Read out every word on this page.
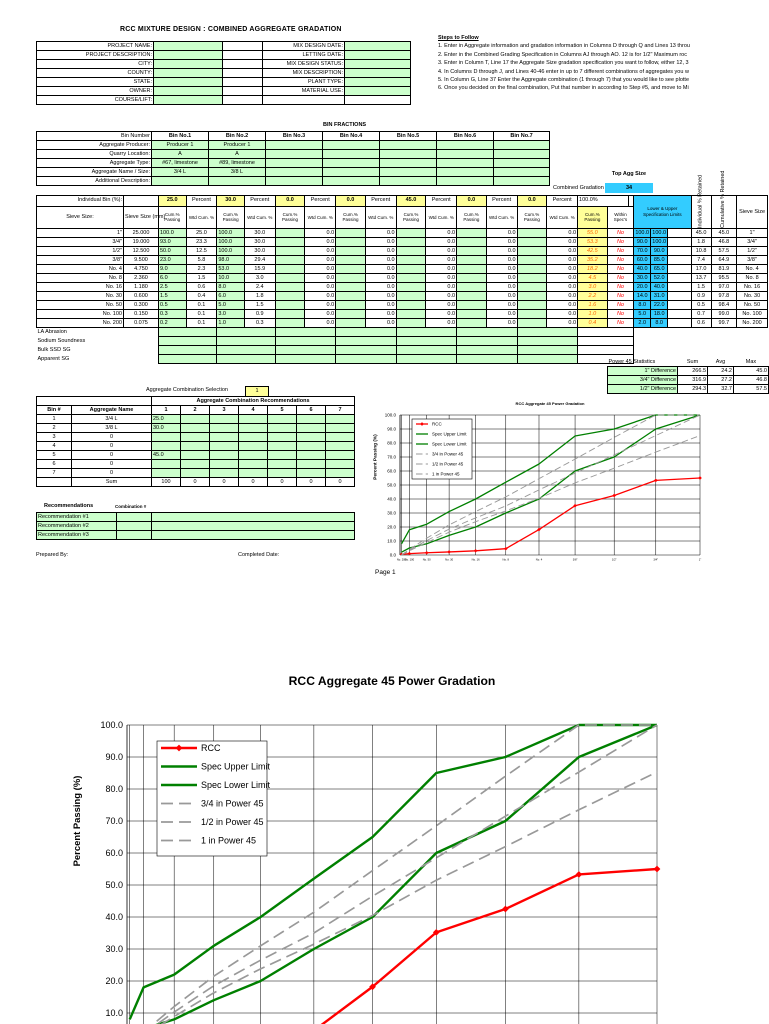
RCC MIXTURE DESIGN : COMBINED AGGREGATE GRADATION
PROJECT NAME:			MIX DESIGN DATE:	
PROJECT DESCRIPTION:			LETTING DATE:	
CITY:			MIX DESIGN STATUS:	
COUNTY:			MIX DESCRIPTION:	
STATE:			PLANT TYPE:	
OWNER:			MATERIAL USE:	
COURSE/LIFT:				
Steps to Follow
1. Enter in Aggregate information and gradation information in Columns D through Q and Lines 13 throu
2. Enter in the Combined Grading Specification in Columns AJ through AO. 12 is for 1/2" Maximum roc
3. Enter in Column T, Line 17 the Aggregate Size gradation specification you want to follow, either 12, 3
4. In Columns D through J, and Lines 40-46 enter in up to 7 different combinations of aggregates you w
5. In Column G, Line 37 Enter the Aggregate combination (1 through 7) that you would like to see plotte
6. Once you decided on the final combination, Put that number in according to Step #5, and move to Mi
BIN FRACTIONS
Bin Number	Bin No.1	Bin No.2	Bin No.3	Bin No.4	Bin No.5	Bin No.6	Bin No.7
Aggregate Producer:	Producer 1	Producer 1					
Quarry Location:	A	A					
Aggregate Type:	#67, limestone	#89, limestone					
Aggregate Name / Size:	3/4 L	3/8 L					
Additional Description:							
Combined Gradation
Top Agg Size
34
Individual Bin (%):		25.0	Percent	30.0	Percent	0.0	Percent	0.0	Percent	45.0	Percent	0.0	Percent	0.0	Percent	100.0%			Lower & Upper Specification Limits			Individual % Retained	Cumulative % Retained	Sieve Size
Sieve Size:	Sieve Size (mm)	Cum.% Passing	Wtd Cum. %	Cum.% Passing	Wtd Cum. %	Cum.% Passing	Wtd Cum. %	Cum.% Passing	Wtd Cum. %	Cum.% Passing	Wtd Cum. %	Cum.% Passing	Wtd Cum. %	Cum.% Passing	Wtd Cum. %	Cum.% Passing	Within Spec's							
1"	25.000	100.0	25.0	100.0	30.0		0.0		0.0		0.0		0.0		0.0	55.0	No		100.0	100.0		45.0	45.0	1"
3/4"	19.000	93.0	23.3	100.0	30.0		0.0		0.0		0.0		0.0		0.0	53.3	No		90.0	100.0		1.8	46.8	3/4"
1/2"	12.500	50.0	12.5	100.0	30.0		0.0		0.0		0.0		0.0		0.0	42.5	No		70.0	90.0		10.8	57.5	1/2"
3/8"	9.500	23.0	5.8	98.0	29.4		0.0		0.0		0.0		0.0		0.0	35.2	No		60.0	85.0		7.4	64.9	3/8"
No. 4	4.750	9.0	2.3	53.0	15.9		0.0		0.0		0.0		0.0		0.0	18.2	No		40.0	65.0		17.0	81.9	No. 4
No. 8	2.360	6.0	1.5	10.0	3.0		0.0		0.0		0.0		0.0		0.0	4.5	No		30.0	52.0		13.7	95.5	No. 8
No. 16	1.180	2.5	0.6	8.0	2.4		0.0		0.0		0.0		0.0		0.0	3.0	No		20.0	40.0		1.5	97.0	No. 16
No. 30	0.600	1.5	0.4	6.0	1.8		0.0		0.0		0.0		0.0		0.0	2.2	No		14.0	31.0		0.9	97.8	No. 30
No. 50	0.300	0.5	0.1	5.0	1.5		0.0		0.0		0.0		0.0		0.0	1.6	No		8.0	22.0		0.5	98.4	No. 50
No. 100	0.150	0.3	0.1	3.0	0.9		0.0		0.0		0.0		0.0		0.0	1.0	No		5.0	18.0		0.7	99.0	No. 100
No. 200	0.075	0.2	0.1	1.0	0.3		0.0		0.0		0.0		0.0		0.0	0.4	No		2.0	8.0		0.6	99.7	No. 200
LA Abrasion																								
Sodium Soundness																								
Bulk SSD SG																								
Apparent SG																									Power 45 Statistics	Sum	Avg	Max
1" Difference	266.5	24.2	45.0
3/4" Difference	316.9	27.2	46.8
1/2" Difference	294.3	32.7	57.5
Aggregate Combination Selection	1
		Aggregate Combination Recommendations						
Bin #	Aggregate Name	1	2	3	4	5	6	7
1	3/4 L	25.0						
2	3/8 L	30.0						
3	0							
4	0							
5	0	45.0						
6	0							
7	0							
	Sum	100	0	0	0	0	0	0
Recommendations	Combination #
Recommendation #1		
Recommendation #2		
Recommendation #3		
Prepared By:	Completed Date:
Page 1
RCC Aggregate 45 Power Gradation
Percent Passing (%)
0.0
10.0
20.0
30.0
40.0
50.0
60.0
70.0
80.0
90.0
100.0
No. 200
No. 100	No. 50	No. 30	No. 16	No. 8	No. 4	3/8"	1/2"	3/4"	1"
RCC
Spec Upper Limit
Spec Lower Limit
3/4 in Power 45
1/2 in Power 45
1 in Power 45
RCC Aggregate 45 Power Gradation
Percent Passing (%)
10.0
20.0
30.0
40.0
50.0
60.0
70.0
80.0
90.0
100.0
RCC
Spec Upper Limit
Spec Lower Limit
3/4 in Power 45
1/2 in Power 45
1 in Power 45
